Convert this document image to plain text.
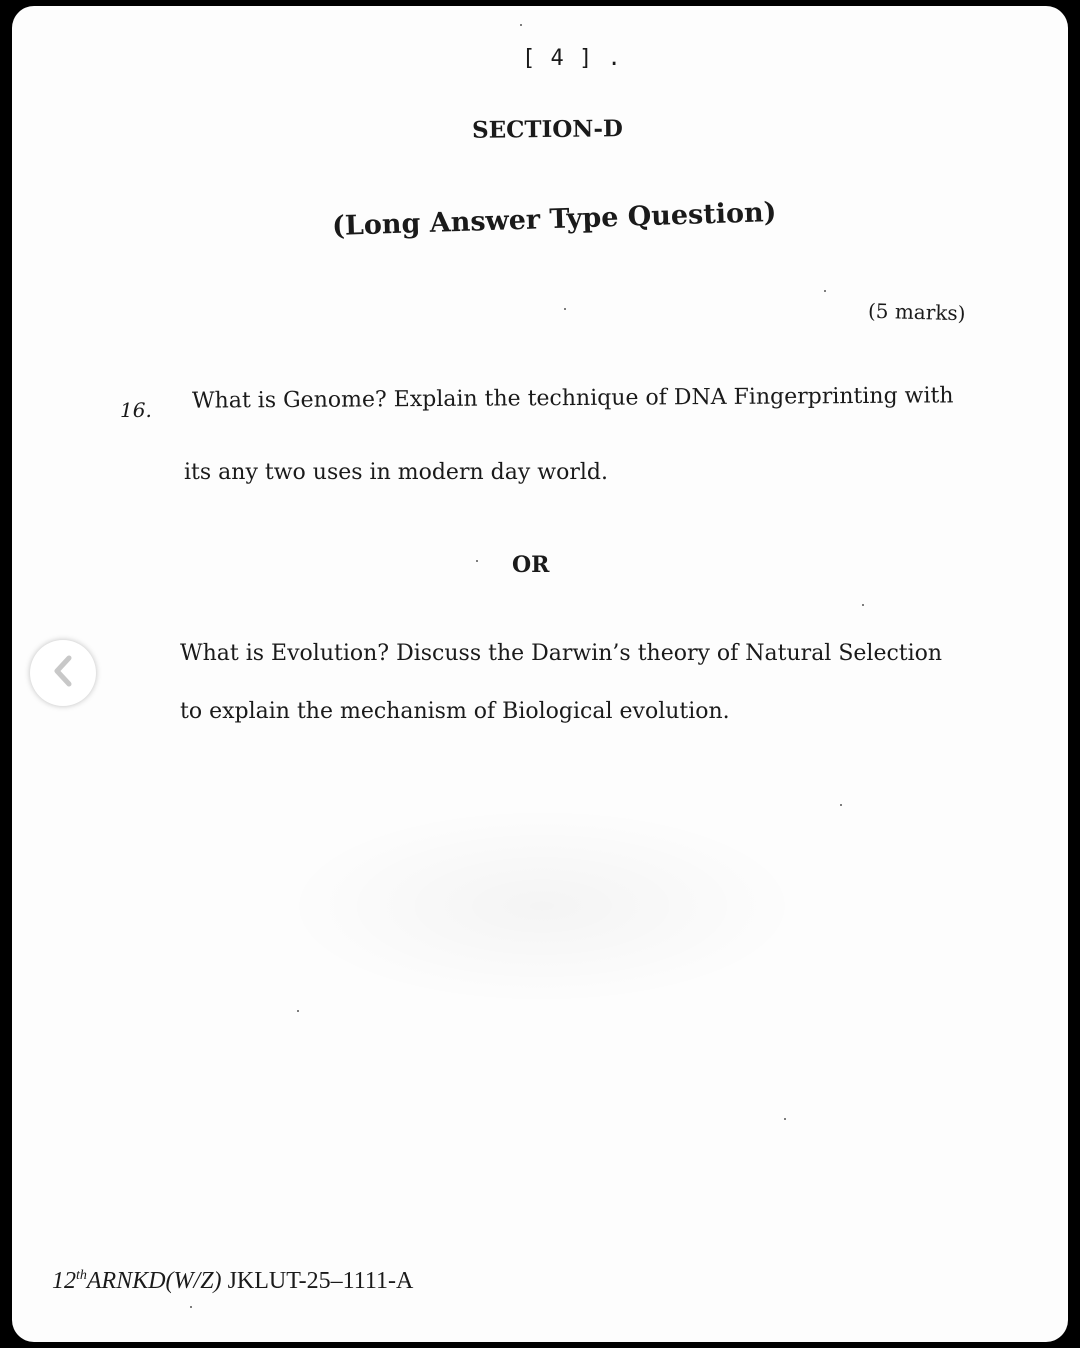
[ 4 ] .
SECTION-D
(Long Answer Type Question)
(5 marks)
16. What is Genome? Explain the technique of DNA Fingerprinting with
its any two uses in modern day world.
OR
What is Evolution? Discuss the Darwin’s theory of Natural Selection
to explain the mechanism of Biological evolution.
12thARNKD(W/Z) JKLUT-25–1111-A
